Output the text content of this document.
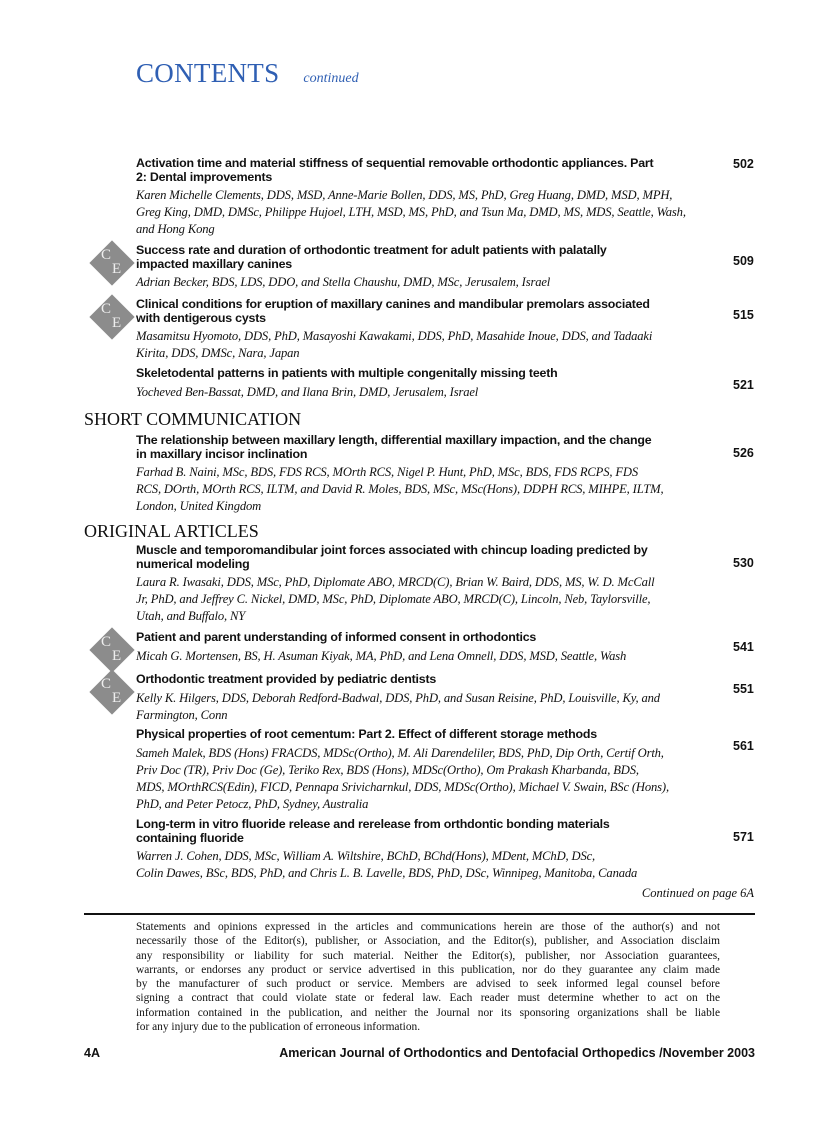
CONTENTS continued
SHORT COMMUNICATION
ORIGINAL ARTICLES
Activation time and material stiffness of sequential removable orthodontic appliances. Part
2: Dental improvements
Karen Michelle Clements, DDS, MSD, Anne-Marie Bollen, DDS, MS, PhD, Greg Huang, DMD, MSD, MPH,
Greg King, DMD, DMSc, Philippe Hujoel, LTH, MSD, MS, PhD, and Tsun Ma, DMD, MS, MDS, Seattle, Wash,
and Hong Kong
502
C
E
Success rate and duration of orthodontic treatment for adult patients with palatally
impacted maxillary canines
Adrian Becker, BDS, LDS, DDO, and Stella Chaushu, DMD, MSc, Jerusalem, Israel
509
C
E
Clinical conditions for eruption of maxillary canines and mandibular premolars associated
with dentigerous cysts
Masamitsu Hyomoto, DDS, PhD, Masayoshi Kawakami, DDS, PhD, Masahide Inoue, DDS, and Tadaaki
Kirita, DDS, DMSc, Nara, Japan
515
Skeletodental patterns in patients with multiple congenitally missing teeth
Yocheved Ben-Bassat, DMD, and Ilana Brin, DMD, Jerusalem, Israel	521
The relationship between maxillary length, differential maxillary impaction, and the change
in maxillary incisor inclination
Farhad B. Naini, MSc, BDS, FDS RCS, MOrth RCS, Nigel P. Hunt, PhD, MSc, BDS, FDS RCPS, FDS
RCS, DOrth, MOrth RCS, ILTM, and David R. Moles, BDS, MSc, MSc(Hons), DDPH RCS, MIHPE, ILTM,
London, United Kingdom
526
Muscle and temporomandibular joint forces associated with chincup loading predicted by
numerical modeling
Laura R. Iwasaki, DDS, MSc, PhD, Diplomate ABO, MRCD(C), Brian W. Baird, DDS, MS, W. D. McCall
Jr, PhD, and Jeffrey C. Nickel, DMD, MSc, PhD, Diplomate ABO, MRCD(C), Lincoln, Neb, Taylorsville,
Utah, and Buffalo, NY
530
C
E
Patient and parent understanding of informed consent in orthodontics
Micah G. Mortensen, BS, H. Asuman Kiyak, MA, PhD, and Lena Omnell, DDS, MSD, Seattle, Wash
541
C
E
Orthodontic treatment provided by pediatric dentists
Kelly K. Hilgers, DDS, Deborah Redford-Badwal, DDS, PhD, and Susan Reisine, PhD, Louisville, Ky, and
Farmington, Conn
551
Physical properties of root cementum: Part 2. Effect of different storage methods
Sameh Malek, BDS (Hons) FRACDS, MDSc(Ortho), M. Ali Darendeliler, BDS, PhD, Dip Orth, Certif Orth,
Priv Doc (TR), Priv Doc (Ge), Teriko Rex, BDS (Hons), MDSc(Ortho), Om Prakash Kharbanda, BDS,
MDS, MOrthRCS(Edin), FICD, Pennapa Srivicharnkul, DDS, MDSc(Ortho), Michael V. Swain, BSc (Hons),
PhD, and Peter Petocz, PhD, Sydney, Australia
561
Long-term in vitro fluoride release and rerelease from orthdontic bonding materials
containing fluoride
Warren J. Cohen, DDS, MSc, William A. Wiltshire, BChD, BChd(Hons), MDent, MChD, DSc,
Colin Dawes, BSc, BDS, PhD, and Chris L. B. Lavelle, BDS, PhD, DSc, Winnipeg, Manitoba, Canada
571
Continued on page 6A
Statements and opinions expressed in the articles and communications herein are those of the author(s) and not
necessarily those of the Editor(s), publisher, or Association, and the Editor(s), publisher, and Association disclaim
any responsibility or liability for such material. Neither the Editor(s), publisher, nor Association guarantees,
warrants, or endorses any product or service advertised in this publication, nor do they guarantee any claim made
by the manufacturer of such product or service. Members are advised to seek informed legal counsel before
signing a contract that could violate state or federal law. Each reader must determine whether to act on the
information contained in the publication, and neither the Journal nor its sponsoring organizations shall be liable
for any injury due to the publication of erroneous information.
4A	American Journal of Orthodontics and Dentofacial Orthopedics /November 2003
